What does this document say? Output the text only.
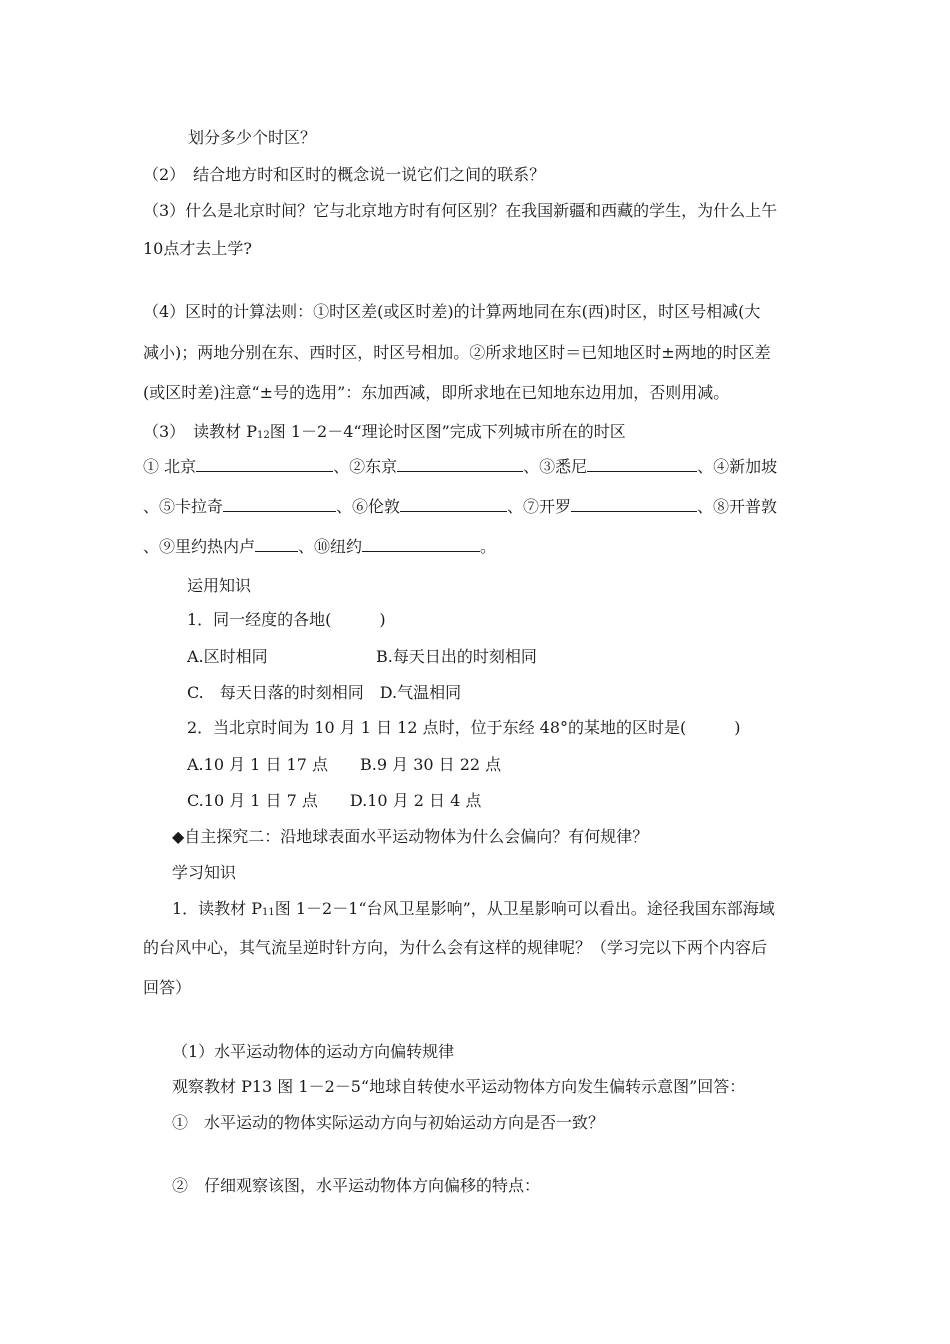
划分多少个时区？
（2）　结合地方时和区时的概念说一说它们之间的联系？
（3）什么是北京时间？它与北京地方时有何区别？在我国新疆和西藏的学生，为什么上午
10点才去上学?
（4）区时的计算法则：①时区差(或区时差)的计算两地同在东(西)时区，时区号相减(大
减小)；两地分别在东、西时区，时区号相加。②所求地区时＝已知地区时±两地的时区差
(或区时差)注意“±号的选用”：东加西减，即所求地在已知地东边用加，否则用减。
（3）　读教材 P12图 1－2－4“理论时区图”完成下列城市所在的时区
① 北京	、②东京	、③悉尼	、④新加坡
、⑤卡拉奇	、⑥伦敦	、⑦开罗	、⑧开普敦
、⑨里约热内卢	、⑩纽约	。
运用知识
1．同一经度的各地(　　　)
A.区时相同	B.每天日出的时刻相同
C.　每天日落的时刻相同　D.气温相同
2．当北京时间为 10 月 1 日 12 点时，位于东经 48°的某地的区时是(　　　)
A.10 月 1 日 17 点 B.9 月 30 日 22 点
C.10 月 1 日 7 点　　D.10 月 2 日 4 点
◆自主探究二：沿地球表面水平运动物体为什么会偏向？有何规律？
学习知识
1．读教材 P11图 1－2－1“台风卫星影响”，从卫星影响可以看出。途径我国东部海域
的台风中心，其气流呈逆时针方向，为什么会有这样的规律呢？（学习完以下两个内容后
回答）
（1）水平运动物体的运动方向偏转规律
观察教材 P13 图 1－2－5“地球自转使水平运动物体方向发生偏转示意图”回答：
①　水平运动的物体实际运动方向与初始运动方向是否一致？
②　仔细观察该图，水平运动物体方向偏移的特点：
